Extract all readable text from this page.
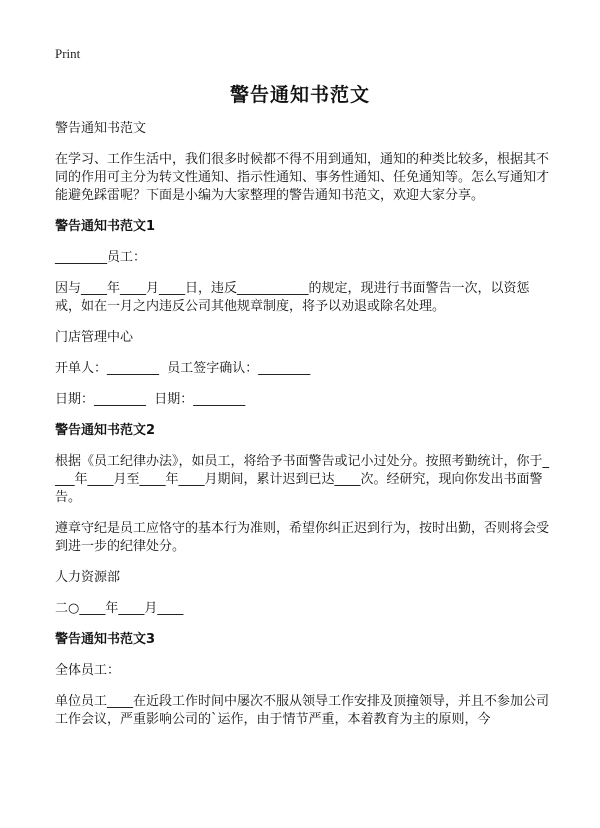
Print
警告通知书范文

警告通知书范文

在学习、工作生活中，我们很多时候都不得不用到通知，通知的种类比较多，根据其不同的作用可主分为转文性通知、指示性通知、事务性通知、任免通知等。怎么写通知才能避免踩雷呢？下面是小编为大家整理的警告通知书范文，欢迎大家分享。

警告通知书范文1

________员工：

因与____年____月____日，违反___________的规定，现进行书面警告一次，以资惩戒，如在一月之内违反公司其他规章制度，将予以劝退或除名处理。

门店管理中心

开单人：________  员工签字确认：________

日期：________  日期：________

警告通知书范文2

根据《员工纪律办法》，如员工，将给予书面警告或记小过处分。按照考勤统计，你于____年____月至____年____月期间，累计迟到已达____次。经研究，现向你发出书面警告。

遵章守纪是员工应恪守的基本行为准则，希望你纠正迟到行为，按时出勤，否则将会受到进一步的纪律处分。

人力资源部

二○____年____月____

警告通知书范文3

全体员工：

单位员工____在近段工作时间中屡次不服从领导工作安排及顶撞领导，并且不参加公司工作会议，严重影响公司的`运作，由于情节严重，本着教育为主的原则，今
